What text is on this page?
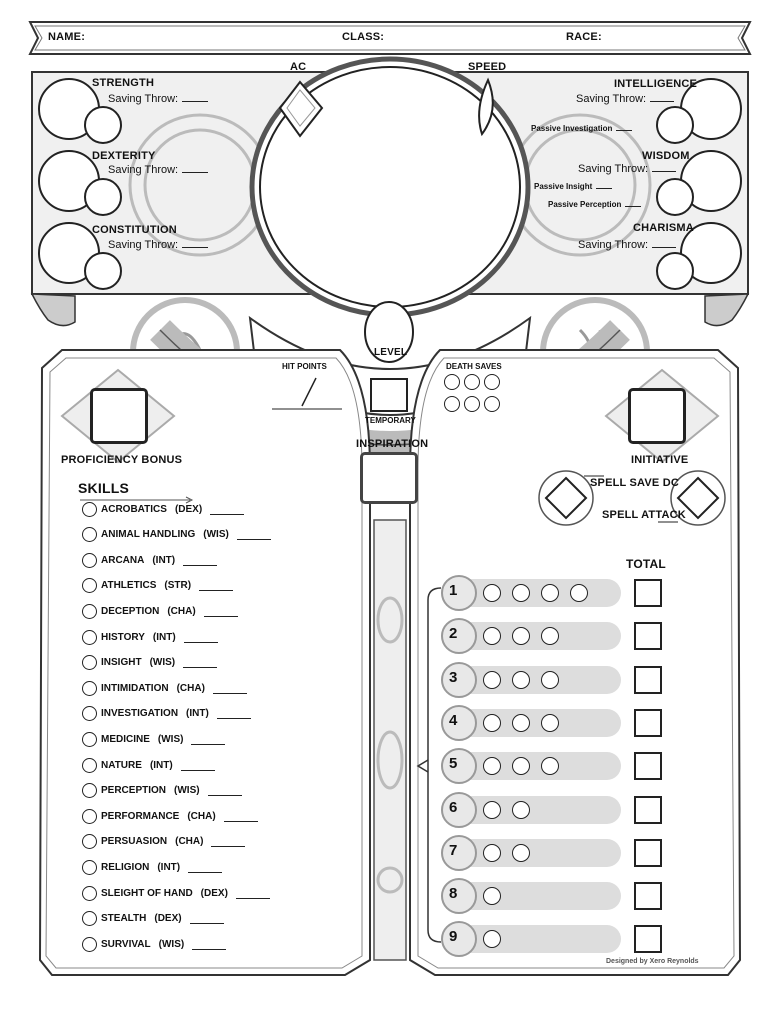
NAME:	CLASS:	RACE:
AC	SPEED
STRENGTH
Saving Throw:
DEXTERITY
Saving Throw:
CONSTITUTION
Saving Throw:
INTELLIGENCE
Saving Throw:
Passive Investigation
WISDOM
Saving Throw:
Passive Insight
Passive Perception
CHARISMA
Saving Throw:
LEVEL
HIT POINTS
TEMPORARY
DEATH SAVES
INSPIRATION
PROFICIENCY BONUS	INITIATIVE
SPELL SAVE DC
SPELL ATTACK
SKILLS
ACROBATICS (DEX)
ANIMAL HANDLING (WIS)
ARCANA (INT)
ATHLETICS (STR)
DECEPTION (CHA)
HISTORY (INT)
INSIGHT (WIS)
INTIMIDATION (CHA)
INVESTIGATION (INT)
MEDICINE (WIS)
NATURE (INT)
PERCEPTION (WIS)
PERFORMANCE (CHA)
PERSUASION (CHA)
RELIGION (INT)
SLEIGHT OF HAND (DEX)
STEALTH (DEX)
SURVIVAL (WIS)
TOTAL
1
2
3
4
5
6
7
8
9
Designed by Xero Reynolds
